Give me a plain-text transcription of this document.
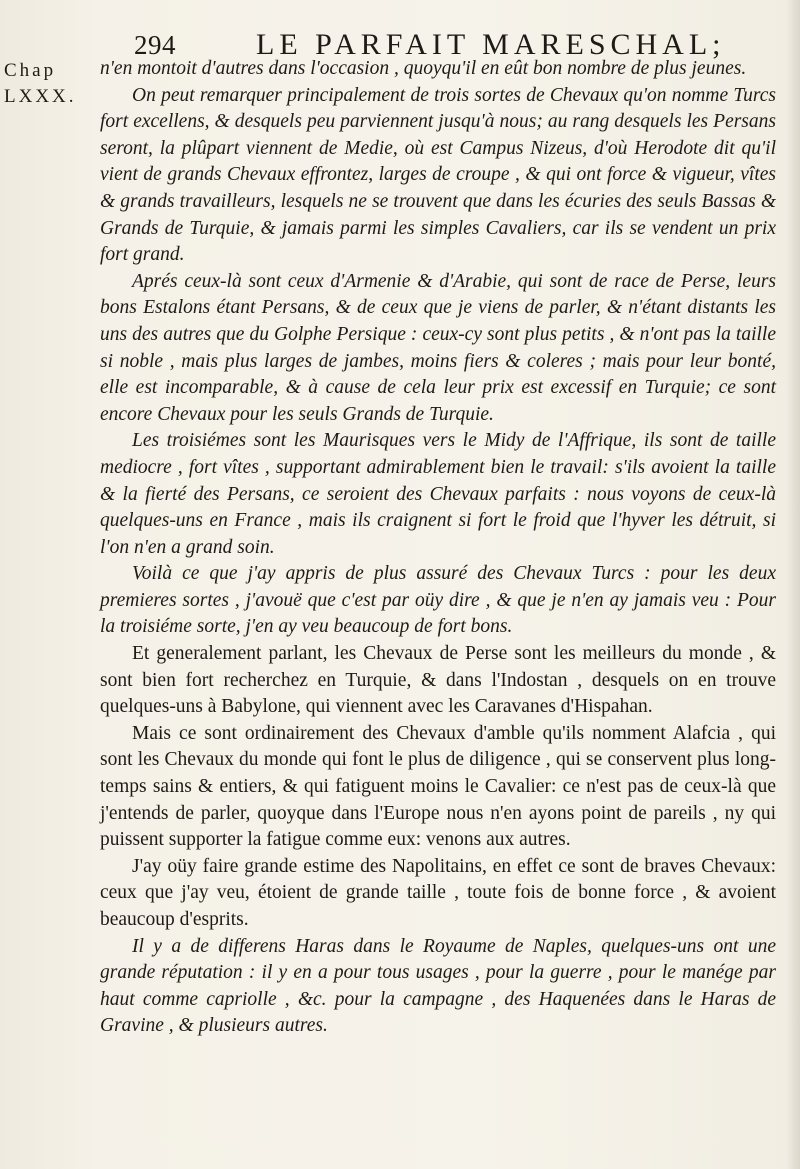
294	LE PARFAIT MARESCHAL;
Chap
LXXX.

n'en montoit d'autres dans l'occasion , quoyqu'il en eût bon nombre de plus jeunes.

On peut remarquer principalement de trois sortes de Chevaux qu'on nomme Turcs fort excellens, & desquels peu parviennent jusqu'à nous; au rang desquels les Persans seront, la plûpart viennent de Medie, où est Campus Nizeus, d'où Herodote dit qu'il vient de grands Chevaux effrontez, larges de croupe , & qui ont force & vigueur, vîtes & grands travailleurs, lesquels ne se trouvent que dans les écuries des seuls Bassas & Grands de Turquie, & jamais parmi les simples Cavaliers, car ils se vendent un prix fort grand.

Aprés ceux-là sont ceux d'Armenie & d'Arabie, qui sont de race de Perse, leurs bons Estalons étant Persans, & de ceux que je viens de parler, & n'étant distants les uns des autres que du Golphe Persique : ceux-cy sont plus petits , & n'ont pas la taille si noble , mais plus larges de jambes, moins fiers & coleres ; mais pour leur bonté, elle est incomparable, & à cause de cela leur prix est excessif en Turquie; ce sont encore Chevaux pour les seuls Grands de Turquie.

Les troisiémes sont les Maurisques vers le Midy de l'Affrique, ils sont de taille mediocre , fort vîtes , supportant admirablement bien le travail: s'ils avoient la taille & la fierté des Persans, ce seroient des Chevaux parfaits : nous voyons de ceux-là quelques-uns en France , mais ils craignent si fort le froid que l'hyver les détruit, si l'on n'en a grand soin.

Voilà ce que j'ay appris de plus assuré des Chevaux Turcs : pour les deux premieres sortes , j'avouë que c'est par oüy dire , & que je n'en ay jamais veu : Pour la troisiéme sorte, j'en ay veu beaucoup de fort bons.

Et generalement parlant, les Chevaux de Perse sont les meilleurs du monde , & sont bien fort recherchez en Turquie, & dans l'Indostan , desquels on en trouve quelques-uns à Babylone, qui viennent avec les Caravanes d'Hispahan.

Mais ce sont ordinairement des Chevaux d'amble qu'ils nomment Alafcia , qui sont les Chevaux du monde qui font le plus de diligence , qui se conservent plus long-temps sains & entiers, & qui fatiguent moins le Cavalier: ce n'est pas de ceux-là que j'entends de parler, quoyque dans l'Europe nous n'en ayons point de pareils , ny qui puissent supporter la fatigue comme eux: venons aux autres.

J'ay oüy faire grande estime des Napolitains, en effet ce sont de braves Chevaux: ceux que j'ay veu, étoient de grande taille , toute fois de bonne force , & avoient beaucoup d'esprits.

Il y a de differens Haras dans le Royaume de Naples, quelques-uns ont une grande réputation : il y en a pour tous usages , pour la guerre , pour le manége par haut comme capriolle , &c. pour la campagne , des Haquenées dans le Haras de Gravine , & plusieurs autres.
